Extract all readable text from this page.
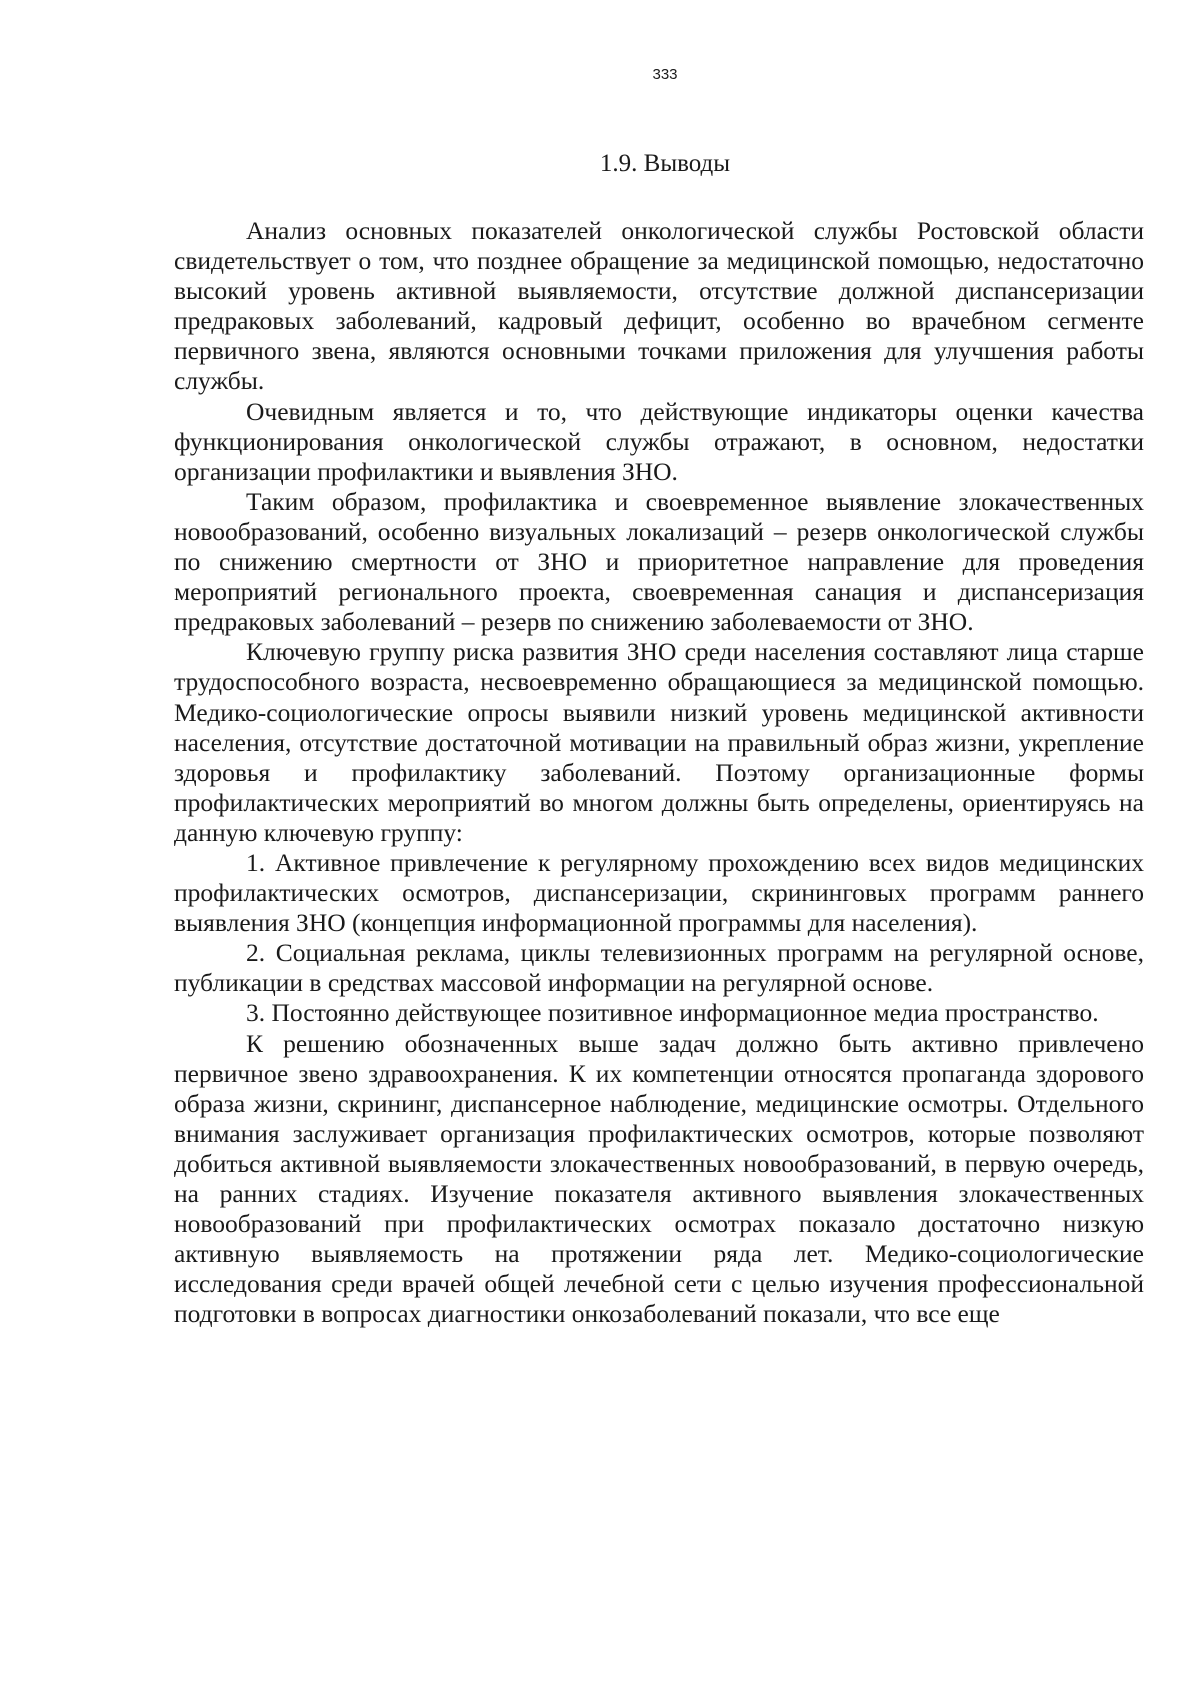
333
1.9. Выводы

Анализ основных показателей онкологической службы Ростовской области свидетельствует о том, что позднее обращение за медицинской помощью, недостаточно высокий уровень активной выявляемости, отсутствие должной диспансеризации предраковых заболеваний, кадровый дефицит, особенно во врачебном сегменте первичного звена, являются основными точками приложения для улучшения работы службы.

Очевидным является и то, что действующие индикаторы оценки качества функционирования онкологической службы отражают, в основном, недостатки организации профилактики и выявления ЗНО.

Таким образом, профилактика и своевременное выявление злокачественных новообразований, особенно визуальных локализаций – резерв онкологической службы по снижению смертности от ЗНО и приоритетное направление для проведения мероприятий регионального проекта, своевременная санация и диспансеризация предраковых заболеваний – резерв по снижению заболеваемости от ЗНО.

Ключевую группу риска развития ЗНО среди населения составляют лица старше трудоспособного возраста, несвоевременно обращающиеся за медицинской помощью. Медико-социологические опросы выявили низкий уровень медицинской активности населения, отсутствие достаточной мотивации на правильный образ жизни, укрепление здоровья и профилактику заболеваний. Поэтому организационные формы профилактических мероприятий во многом должны быть определены, ориентируясь на данную ключевую группу:

1. Активное привлечение к регулярному прохождению всех видов медицинских профилактических осмотров, диспансеризации, скрининговых программ раннего выявления ЗНО (концепция информационной программы для населения).

2. Социальная реклама, циклы телевизионных программ на регулярной основе, публикации в средствах массовой информации на регулярной основе.

3. Постоянно действующее позитивное информационное медиа пространство.

К решению обозначенных выше задач должно быть активно привлечено первичное звено здравоохранения. К их компетенции относятся пропаганда здорового образа жизни, скрининг, диспансерное наблюдение, медицинские осмотры. Отдельного внимания заслуживает организация профилактических осмотров, которые позволяют добиться активной выявляемости злокачественных новообразований, в первую очередь, на ранних стадиях. Изучение показателя активного выявления злокачественных новообразований при профилактических осмотрах показало достаточно низкую активную выявляемость на протяжении ряда лет. Медико-социологические исследования среди врачей общей лечебной сети с целью изучения профессиональной подготовки в вопросах диагностики онкозаболеваний показали, что все еще
